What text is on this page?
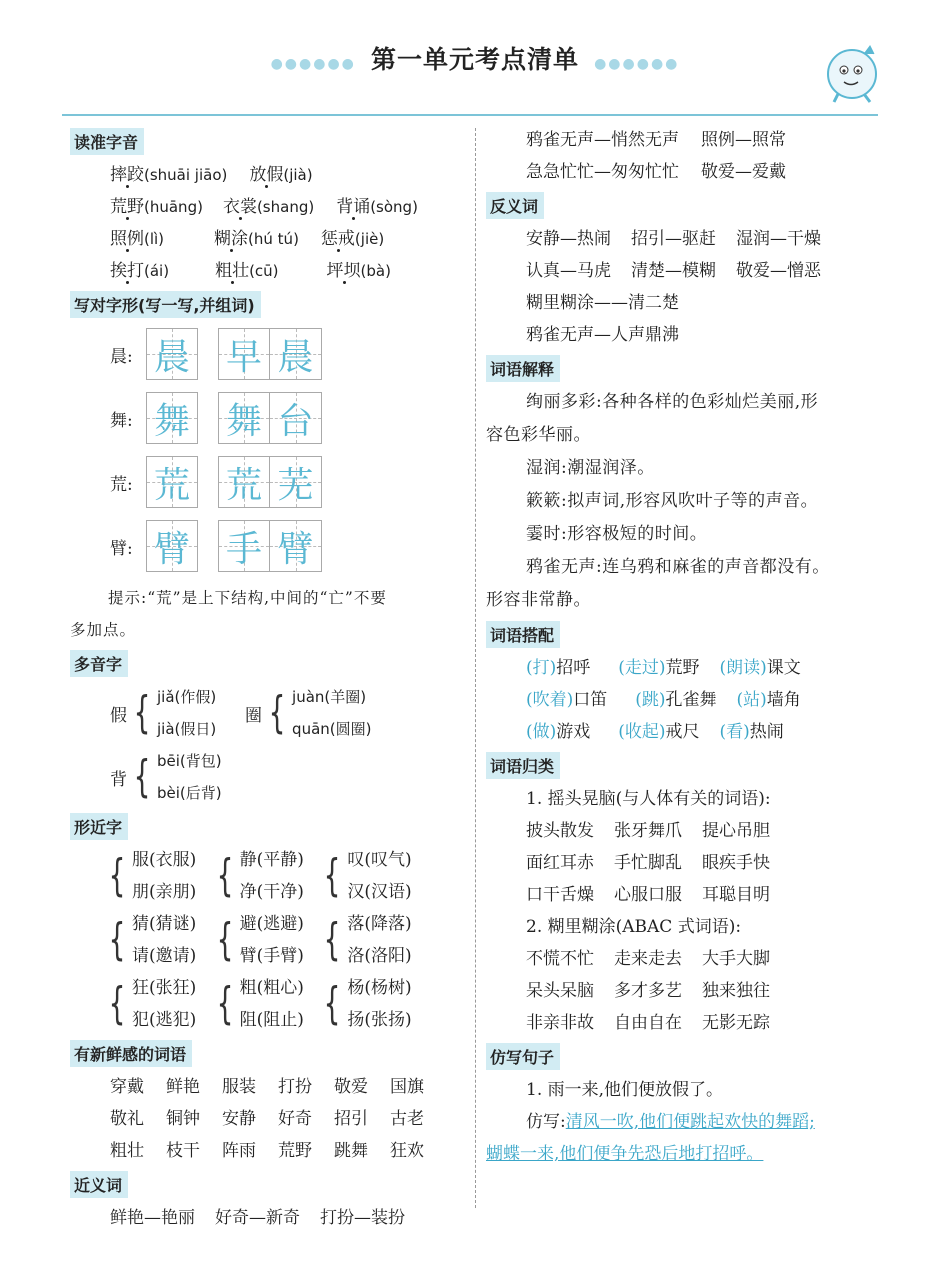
●●●●●● 第一单元考点清单 ●●●●●●
读准字音
摔跤(shuāi jiāo) 放假(jià)
荒野(huāng) 衣裳(shang) 背诵(sòng)
照例(lì)	糊涂(hú tú) 惩戒(jiè)
挨打(ái)	粗壮(cū)	坪坝(bà)
写对字形(写一写,并组词)
晨: 晨 早 晨
舞: 舞 舞 台
荒: 荒 荒 芜
臂: 臂 手 臂
提示:“荒”是上下结构,中间的“亡”不要
多加点。
多音字
假 { jiǎ(作假)
jià(假日)

圈 { juàn(羊圈)
quān(圆圈)
背 { bēi(背包)
bèi(后背)
形近字
{ 服(衣服)
朋(亲朋)
{ 静(平静)
净(干净)
{ 叹(叹气)
汉(汉语)
{ 猜(猜谜)
请(邀请)
{ 避(逃避)
臂(手臂)
{ 落(降落)
洛(洛阳)
{ 狂(张狂)
犯(逃犯)
{ 粗(粗心)
阻(阻止)
{ 杨(杨树)
扬(张扬)
有新鲜感的词语
穿戴 鲜艳 服装 打扮 敬爱 国旗
敬礼 铜钟 安静 好奇 招引 古老
粗壮 枝干 阵雨 荒野 跳舞 狂欢
近义词
鲜艳—艳丽 好奇—新奇 打扮—装扮
鸦雀无声—悄然无声 照例—照常
急急忙忙—匆匆忙忙 敬爱—爱戴
反义词
安静—热闹 招引—驱赶 湿润—干燥
认真—马虎 清楚—模糊 敬爱—憎恶
糊里糊涂——清二楚
鸦雀无声—人声鼎沸
词语解释
绚丽多彩:各种各样的色彩灿烂美丽,形
容色彩华丽。
湿润:潮湿润泽。
簌簌:拟声词,形容风吹叶子等的声音。
霎时:形容极短的时间。
鸦雀无声:连乌鸦和麻雀的声音都没有。
形容非常静。
词语搭配
(打)招呼 (走过)荒野 (朗读)课文
(吹着)口笛 (跳)孔雀舞 (站)墙角
(做)游戏 (收起)戒尺 (看)热闹
词语归类
1. 摇头晃脑(与人体有关的词语):
披头散发 张牙舞爪 提心吊胆
面红耳赤 手忙脚乱 眼疾手快
口干舌燥 心服口服 耳聪目明
2. 糊里糊涂(ABAC 式词语):
不慌不忙 走来走去 大手大脚
呆头呆脑 多才多艺 独来独往
非亲非故 自由自在 无影无踪
仿写句子
1. 雨一来,他们便放假了。
仿写:清风一吹,他们便跳起欢快的舞蹈;
蝴蝶一来,他们便争先恐后地打招呼。
